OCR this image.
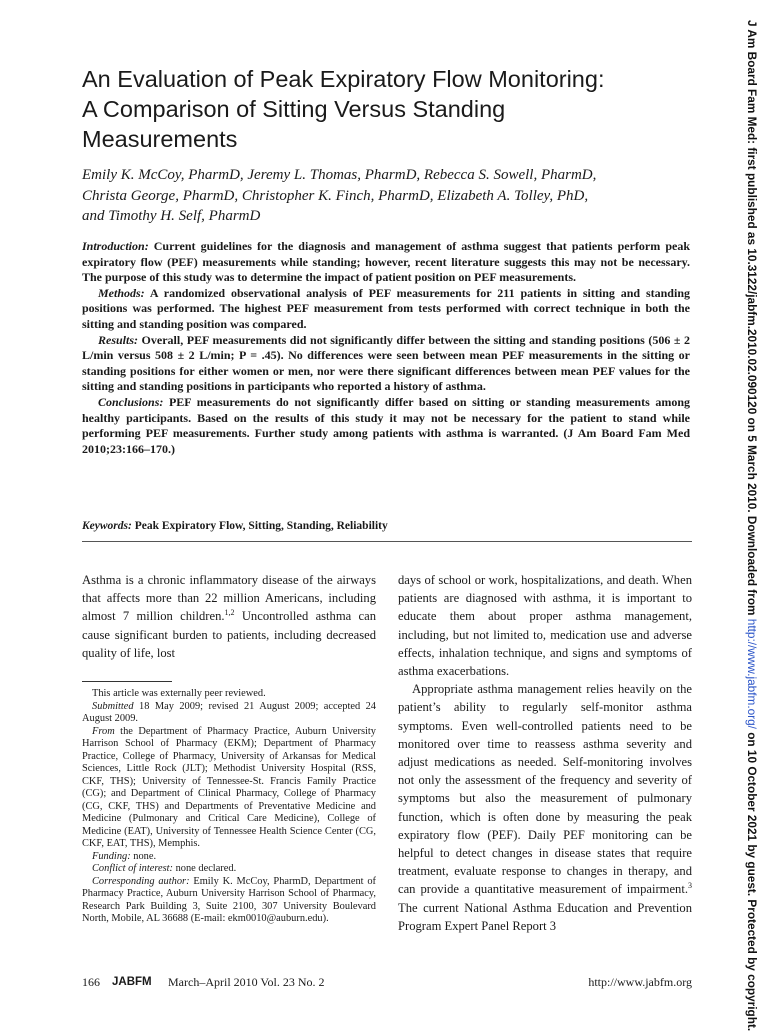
An Evaluation of Peak Expiratory Flow Monitoring:
A Comparison of Sitting Versus Standing
Measurements
Emily K. McCoy, PharmD, Jeremy L. Thomas, PharmD, Rebecca S. Sowell, PharmD,
Christa George, PharmD, Christopher K. Finch, PharmD, Elizabeth A. Tolley, PhD,
and Timothy H. Self, PharmD

Introduction: Current guidelines for the diagnosis and management of asthma suggest that patients perform peak expiratory flow (PEF) measurements while standing; however, recent literature suggests this may not be necessary. The purpose of this study was to determine the impact of patient position on PEF measurements.

Methods: A randomized observational analysis of PEF measurements for 211 patients in sitting and standing positions was performed. The highest PEF measurement from tests performed with correct technique in both the sitting and standing position was compared.

Results: Overall, PEF measurements did not significantly differ between the sitting and standing positions (506 ± 2 L/min versus 508 ± 2 L/min; P = .45). No differences were seen between mean PEF measurements in the sitting or standing positions for either women or men, nor were there significant differences between mean PEF values for the sitting and standing positions in participants who reported a history of asthma.

Conclusions: PEF measurements do not significantly differ based on sitting or standing measurements among healthy participants. Based on the results of this study it may not be necessary for the patient to stand while performing PEF measurements. Further study among patients with asthma is warranted. (J Am Board Fam Med 2010;23:166–170.)

Keywords: Peak Expiratory Flow, Sitting, Standing, Reliability

Asthma is a chronic inflammatory disease of the airways that affects more than 22 million Americans, including almost 7 million children.$^{1,2}$ Uncontrolled asthma can cause significant burden to patients, including decreased quality of life, lost

This article was externally peer reviewed.

Submitted 18 May 2009; revised 21 August 2009; accepted 24 August 2009.

From the Department of Pharmacy Practice, Auburn University Harrison School of Pharmacy (EKM); Department of Pharmacy Practice, College of Pharmacy, University of Arkansas for Medical Sciences, Little Rock (JLT); Methodist University Hospital (RSS, CKF, THS); University of Tennessee-St. Francis Family Practice (CG); and Department of Clinical Pharmacy, College of Pharmacy (CG, CKF, THS) and Departments of Preventative Medicine and Medicine (Pulmonary and Critical Care Medicine), College of Medicine (EAT), University of Tennessee Health Science Center (CG, CKF, EAT, THS), Memphis.

Funding: none.

Conflict of interest: none declared.

Corresponding author: Emily K. McCoy, PharmD, Department of Pharmacy Practice, Auburn University Harrison School of Pharmacy, Research Park Building 3, Suite 2100, 307 University Boulevard North, Mobile, AL 36688 (E-mail: ekm0010@auburn.edu).

days of school or work, hospitalizations, and death. When patients are diagnosed with asthma, it is important to educate them about proper asthma management, including, but not limited to, medication use and adverse effects, inhalation technique, and signs and symptoms of asthma exacerbations.

Appropriate asthma management relies heavily on the patient’s ability to regularly self-monitor asthma symptoms. Even well-controlled patients need to be monitored over time to reassess asthma severity and adjust medications as needed. Self-monitoring involves not only the assessment of the frequency and severity of symptoms but also the measurement of pulmonary function, which is often done by measuring the peak expiratory flow (PEF). Daily PEF monitoring can be helpful to detect changes in disease states that require treatment, evaluate response to changes in therapy, and can provide a quantitative measurement of impairment.$^3$ The current National Asthma Education and Prevention Program Expert Panel Report 3

166 JABFM March–April 2010 Vol. 23 No. 2	http://www.jabfm.org
J Am Board Fam Med: first published as 10.3122/jabfm.2010.02.090120 on 5 March 2010. Downloaded from http://www.jabfm.org/ on 10 October 2021 by guest. Protected by copyright.
